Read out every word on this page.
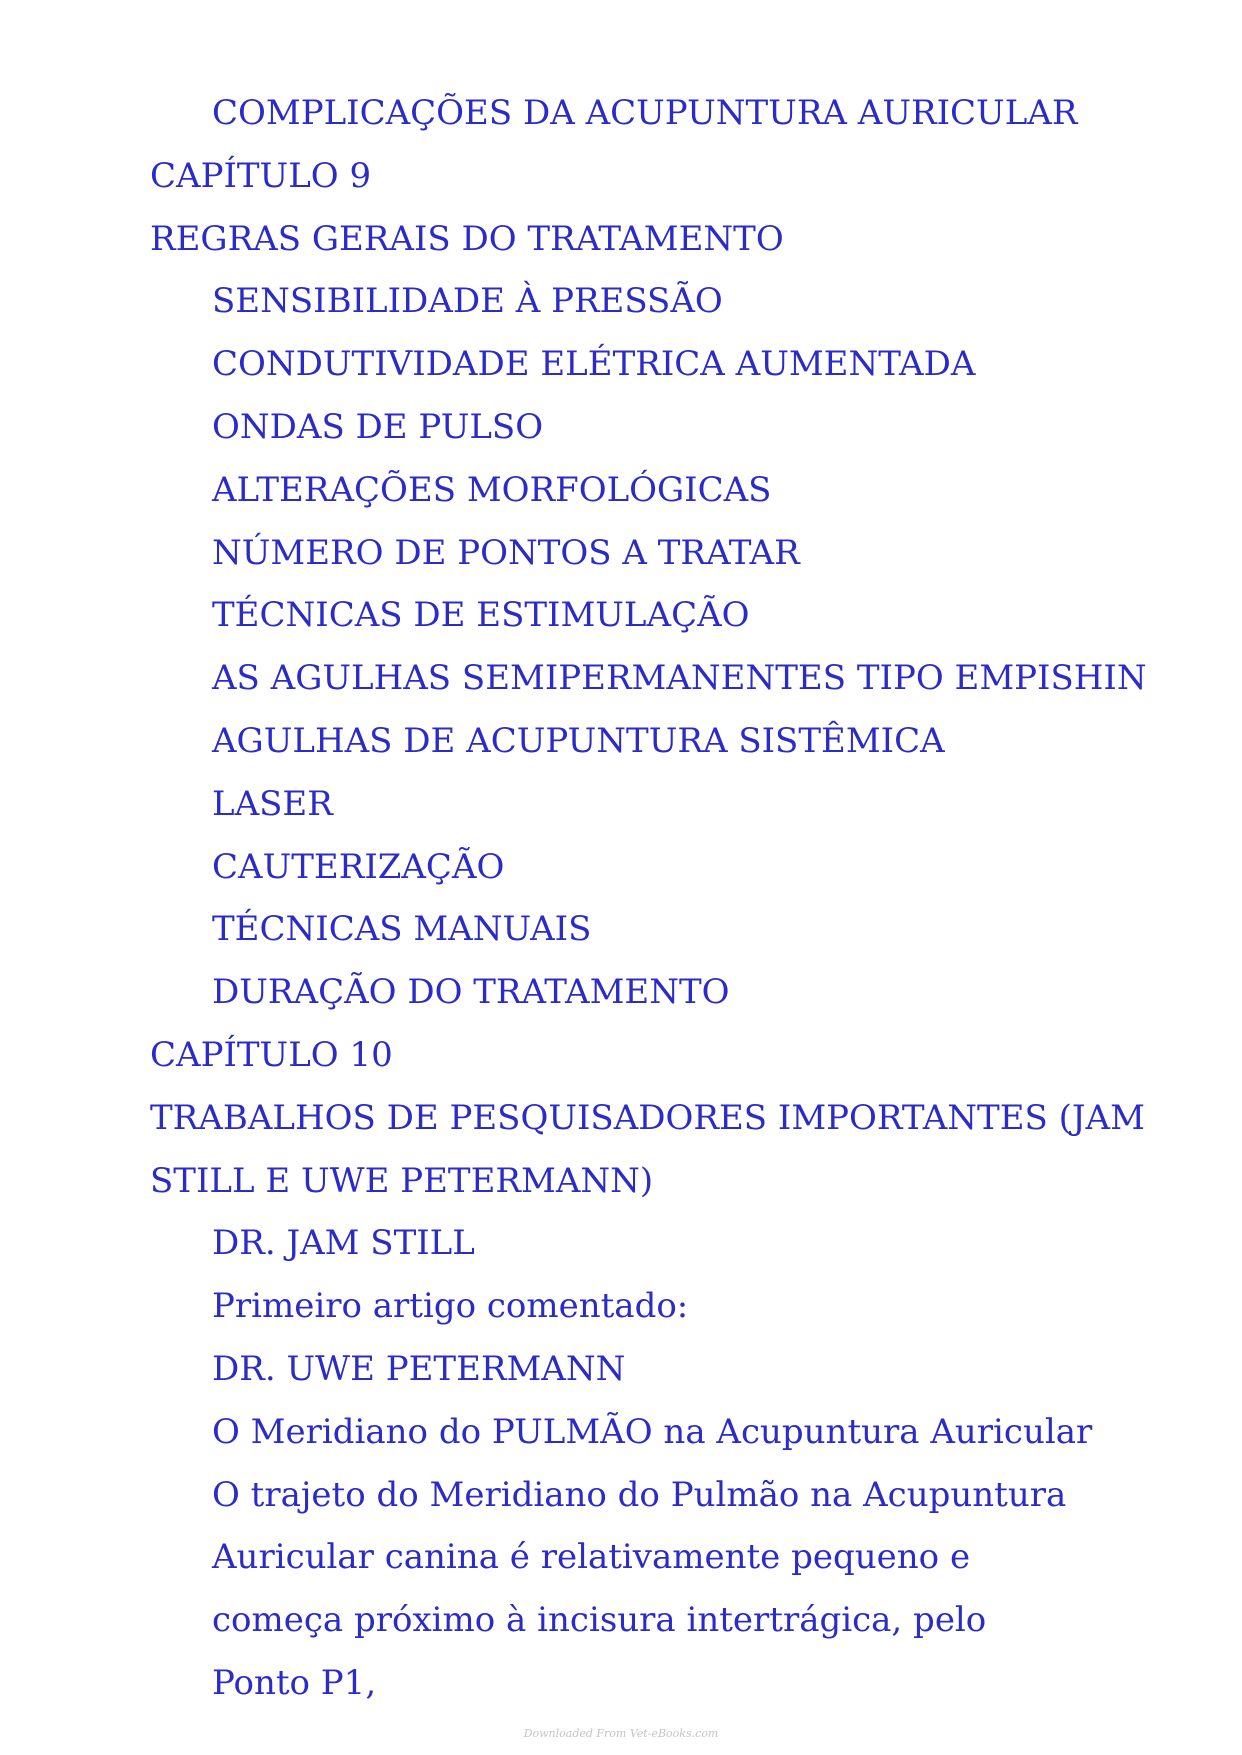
COMPLICAÇÕES DA ACUPUNTURA AURICULAR
CAPÍTULO 9
REGRAS GERAIS DO TRATAMENTO
SENSIBILIDADE À PRESSÃO
CONDUTIVIDADE ELÉTRICA AUMENTADA
ONDAS DE PULSO
ALTERAÇÕES MORFOLÓGICAS
NÚMERO DE PONTOS A TRATAR
TÉCNICAS DE ESTIMULAÇÃO
AS AGULHAS SEMIPERMANENTES TIPO EMPISHIN
AGULHAS DE ACUPUNTURA SISTÊMICA
LASER
CAUTERIZAÇÃO
TÉCNICAS MANUAIS
DURAÇÃO DO TRATAMENTO
CAPÍTULO 10
TRABALHOS DE PESQUISADORES IMPORTANTES (JAM STILL E UWE PETERMANN)
DR. JAM STILL
Primeiro artigo comentado:
DR. UWE PETERMANN
O Meridiano do PULMÃO na Acupuntura Auricular
O trajeto do Meridiano do Pulmão na Acupuntura Auricular canina é relativamente pequeno e começa próximo à incisura intertrágica, pelo Ponto P1,
Downloaded From Vet-eBooks.com
